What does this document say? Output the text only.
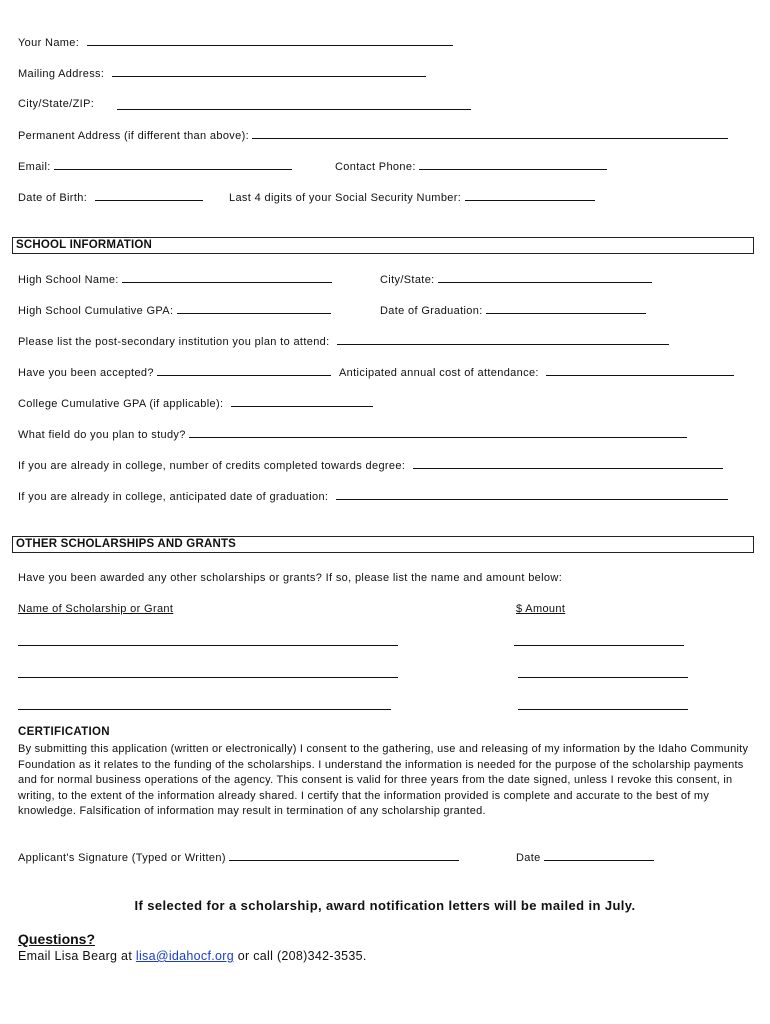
Your Name:
Mailing Address:
City/State/ZIP:
Permanent Address (if different than above):
Email:	Contact Phone:
Date of Birth:	Last 4 digits of your Social Security Number:
SCHOOL INFORMATION
High School Name:	City/State:
High School Cumulative GPA:	Date of Graduation:
Please list the post-secondary institution you plan to attend:
Have you been accepted?	Anticipated annual cost of attendance:
College Cumulative GPA (if applicable):
What field do you plan to study?
If you are already in college, number of credits completed towards degree:
If you are already in college, anticipated date of graduation:
OTHER SCHOLARSHIPS AND GRANTS
Have you been awarded any other scholarships or grants? If so, please list the name and amount below:
Name of Scholarship or Grant	$ Amount
CERTIFICATION
By submitting this application (written or electronically) I consent to the gathering, use and releasing of my information by the Idaho Community Foundation as it relates to the funding of the scholarships. I understand the information is needed for the purpose of the scholarship payments and for normal business operations of the agency. This consent is valid for three years from the date signed, unless I revoke this consent, in writing, to the extent of the information already shared. I certify that the information provided is complete and accurate to the best of my knowledge. Falsification of information may result in termination of any scholarship granted.
Applicant's Signature (Typed or Written)	Date
If selected for a scholarship, award notification letters will be mailed in July.
Questions?
Email Lisa Bearg at lisa@idahocf.org or call (208)342-3535.
